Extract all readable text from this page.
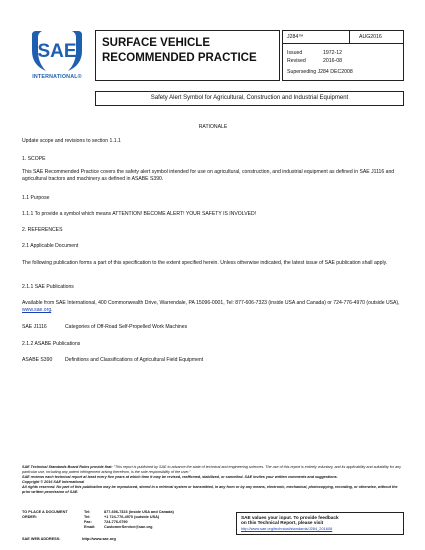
SAE
INTERNATIONAL®
SURFACE VEHICLE
RECOMMENDED PRACTICE
J284™	AUG2016
Issued	1972-12
Revised	2016-08
Superseding J284 DEC2008
Safety Alert Symbol for Agricultural, Construction and Industrial Equipment
RATIONALE
Update scope and revisions to section 1.1.1
1. SCOPE
This SAE Recommended Practice covers the safety alert symbol intended for use on agricultural, construction, and industrial equipment as defined in SAE J1116 and agricultural tractors and machinery as defined in ASABE S390.
1.1 Purpose
1.1.1 To provide a symbol which means ATTENTION! BECOME ALERT! YOUR SAFETY IS INVOLVED!
2. REFERENCES
2.1 Applicable Document
The following publication forms a part of this specification to the extent specified herein. Unless otherwise indicated, the latest issue of SAE publication shall apply.
2.1.1 SAE Publications
Available from SAE International, 400 Commonwealth Drive, Warrendale, PA 15096-0001, Tel: 877-606-7323 (inside USA and Canada) or 724-776-4970 (outside USA), www.sae.org.
SAE J1116	Categories of Off-Road Self-Propelled Work Machines
2.1.2 ASABE Publications
ASABE S390	Definitions and Classifications of Agricultural Field Equipment
SAE Technical Standards Board Rules provide that: "This report is published by SAE to advance the state of technical and engineering sciences. The use of this report is entirely voluntary, and its applicability and suitability for any particular use, including any patent infringement arising therefrom, is the sole responsibility of the user."
SAE reviews each technical report at least every five years at which time it may be revised, reaffirmed, stabilized, or cancelled. SAE invites your written comments and suggestions.
Copyright © 2016 SAE International
All rights reserved. No part of this publication may be reproduced, stored in a retrieval system or transmitted, in any form or by any means, electronic, mechanical, photocopying, recording, or otherwise, without the prior written permission of SAE.
TO PLACE A DOCUMENT ORDER:
Tel:	877-606-7323 (inside USA and Canada)
Tel:	+1 724-776-4970 (outside USA)
Fax:	724-776-0790
Email:	CustomerService@sae.org
SAE values your input. To provide feedback
on this Technical Report, please visit
http://www.sae.org/technical/standards/J284_201608
SAE WEB ADDRESS:	http://www.sae.org
